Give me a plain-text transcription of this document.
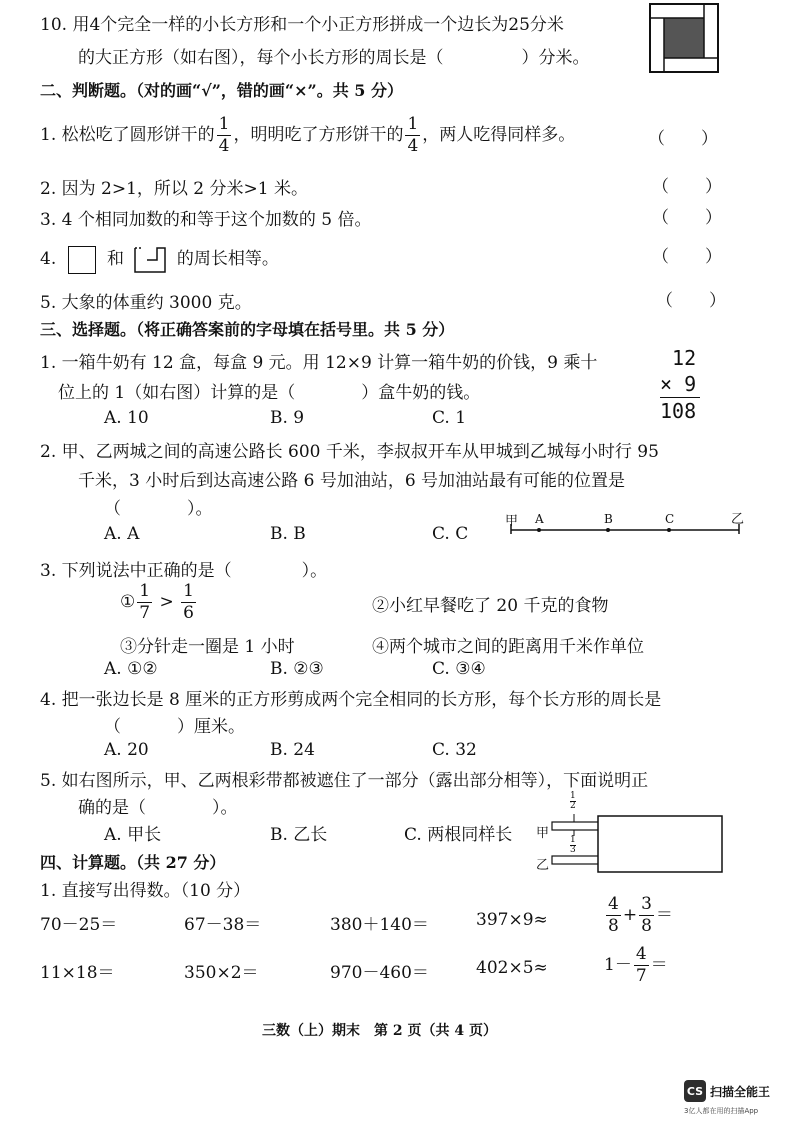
10. 用4个完全一样的小长方形和一个小正方形拼成一个边长为25分米
的大正方形（如右图），每个小长方形的周长是（	）分米。
二、判断题。（对的画“√”，错的画“×”。共 5 分）
1. 松松吃了圆形饼干的 $\frac{1}{4}$ ，明明吃了方形饼干的 $\frac{1}{4}$ ，两人吃得同样多。	（ ）
2. 因为 2>1，所以 2 分米>1 米。	（ ）
3. 4 个相同加数的和等于这个加数的 5 倍。	（ ）
4.	和	的周长相等。	（ ）
5. 大象的体重约 3000 克。	（ ）
三、选择题。（将正确答案前的字母填在括号里。共 5 分）
1. 一箱牛奶有 12 盒，每盒 9 元。用 12×9 计算一箱牛奶的价钱，9 乘十
位上的 1（如右图）计算的是（	）盒牛奶的钱。
12
× 9
108
A. 10	B. 9	C. 1
2. 甲、乙两城之间的高速公路长 600 千米，李叔叔开车从甲城到乙城每小时行 95
千米，3 小时后到达高速公路 6 号加油站，6 号加油站最有可能的位置是
（	）。
A. A	B. B	C. C
甲	乙
A	B	C
3. 下列说法中正确的是（	）。
① $\frac{1}{7} > \frac{1}{6}$	②小红早餐吃了 20 千克的食物
③分针走一圈是 1 小时	④两个城市之间的距离用千米作单位
A. ①②	B. ②③	C. ③④
4. 把一张边长是 8 厘米的正方形剪成两个完全相同的长方形，每个长方形的周长是
（	）厘米。
A. 20	B. 24	C. 32
5. 如右图所示，甲、乙两根彩带都被遮住了一部分（露出部分相等），下面说明正
确的是（	）。
A. 甲长	B. 乙长	C. 两根同样长
1
2
1
3
甲
乙
四、计算题。（共 27 分）
1. 直接写出得数。（10 分）
70－25＝	67－38＝	380＋140＝	397×9≈	$\frac{4}{8} + \frac{3}{8}$ ＝
11×18＝	350×2＝	970－460＝	402×5≈	$1- \frac{4}{7}$ ＝
三数（上）期末　第 2 页（共 4 页）
CS 扫描全能王
3亿人都在用的扫描App
